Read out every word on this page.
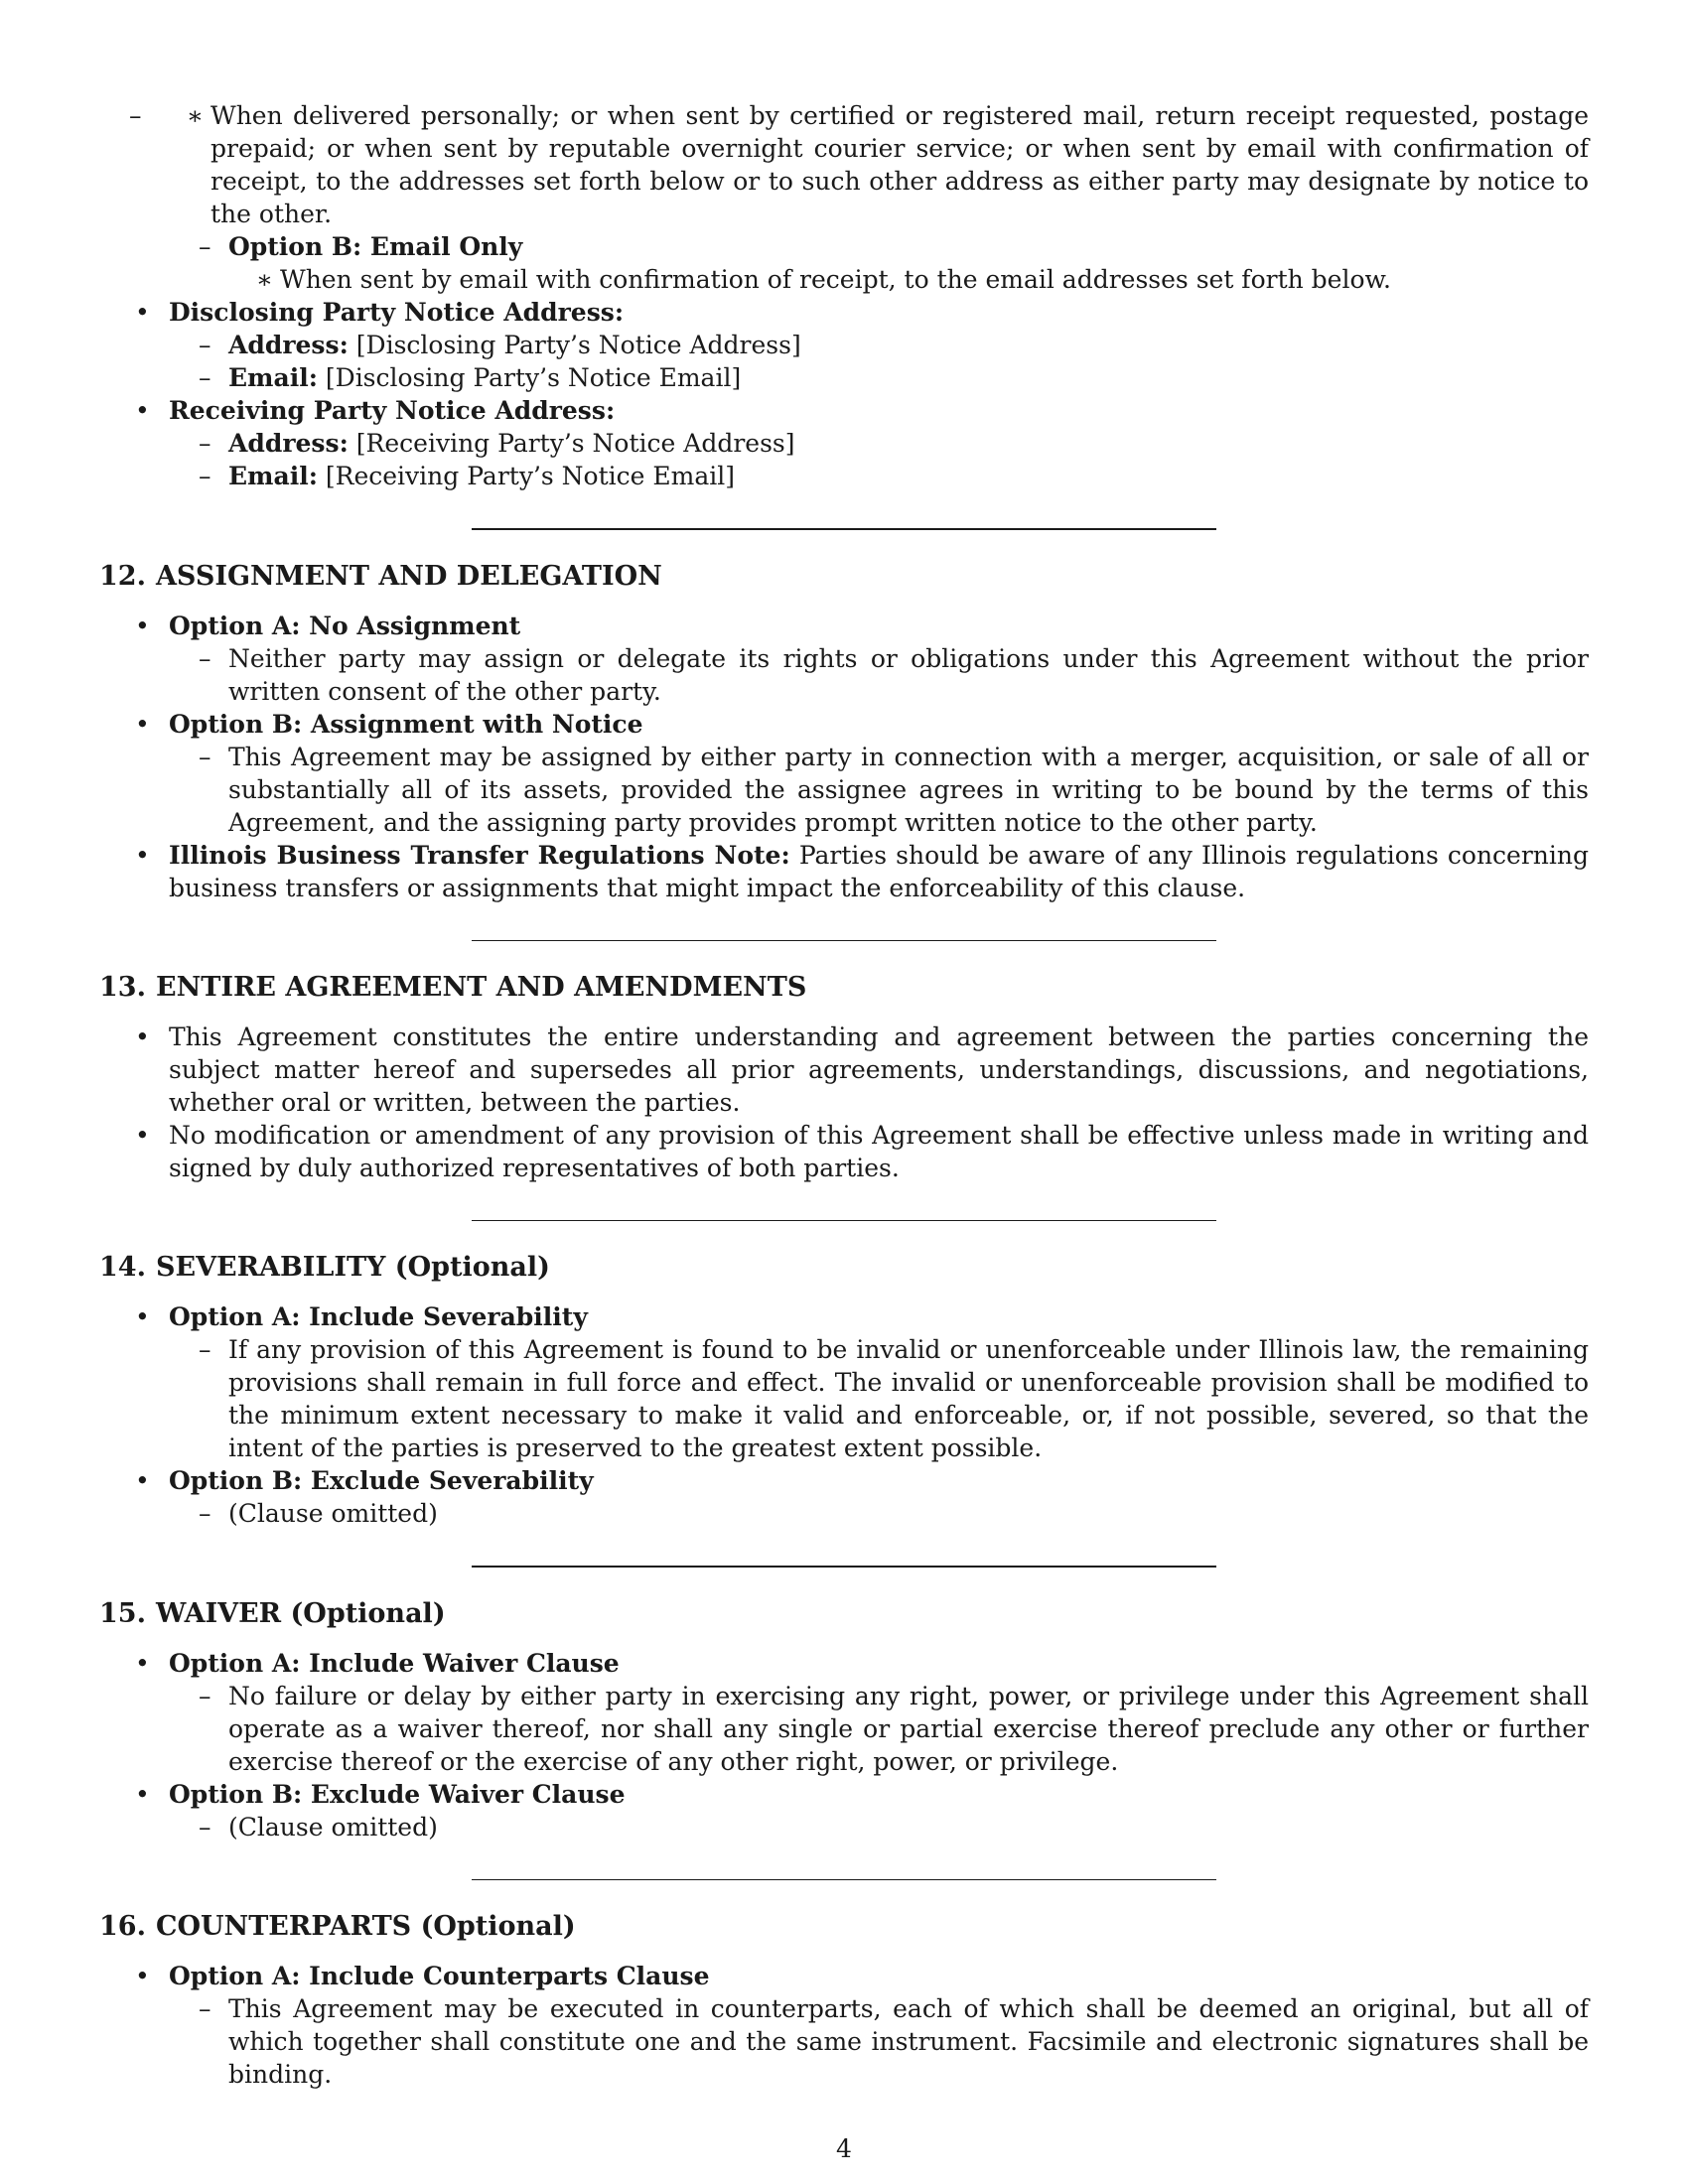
∗ – When delivered personally; or when sent by certified or registered mail, return receipt requested, postage prepaid; or when sent by reputable overnight courier service; or when sent by email with confirmation of receipt, to the addresses set forth below or to such other address as either party may designate by notice to the other.
– Option B: Email Only
∗ When sent by email with confirmation of receipt, to the email addresses set forth below.
• Disclosing Party Notice Address:
– Address: [Disclosing Party’s Notice Address]
– Email: [Disclosing Party’s Notice Email]
• Receiving Party Notice Address:
– Address: [Receiving Party’s Notice Address]
– Email: [Receiving Party’s Notice Email]
12. ASSIGNMENT AND DELEGATION
• Option A: No Assignment
– Neither party may assign or delegate its rights or obligations under this Agreement without the prior written consent of the other party.
• Option B: Assignment with Notice
– This Agreement may be assigned by either party in connection with a merger, acquisition, or sale of all or substantially all of its assets, provided the assignee agrees in writing to be bound by the terms of this Agreement, and the assigning party provides prompt written notice to the other party.
• Illinois Business Transfer Regulations Note: Parties should be aware of any Illinois regulations concerning business transfers or assignments that might impact the enforceability of this clause.
13. ENTIRE AGREEMENT AND AMENDMENTS
• This Agreement constitutes the entire understanding and agreement between the parties concerning the subject matter hereof and supersedes all prior agreements, understandings, discussions, and negotiations, whether oral or written, between the parties.
• No modification or amendment of any provision of this Agreement shall be effective unless made in writing and signed by duly authorized representatives of both parties.
14. SEVERABILITY (Optional)
• Option A: Include Severability
– If any provision of this Agreement is found to be invalid or unenforceable under Illinois law, the remaining provisions shall remain in full force and effect. The invalid or unenforceable provision shall be modified to the minimum extent necessary to make it valid and enforceable, or, if not possible, severed, so that the intent of the parties is preserved to the greatest extent possible.
• Option B: Exclude Severability
– (Clause omitted)
15. WAIVER (Optional)
• Option A: Include Waiver Clause
– No failure or delay by either party in exercising any right, power, or privilege under this Agreement shall operate as a waiver thereof, nor shall any single or partial exercise thereof preclude any other or further exercise thereof or the exercise of any other right, power, or privilege.
• Option B: Exclude Waiver Clause
– (Clause omitted)
16. COUNTERPARTS (Optional)
• Option A: Include Counterparts Clause
– This Agreement may be executed in counterparts, each of which shall be deemed an original, but all of which together shall constitute one and the same instrument. Facsimile and electronic signatures shall be binding.
4
